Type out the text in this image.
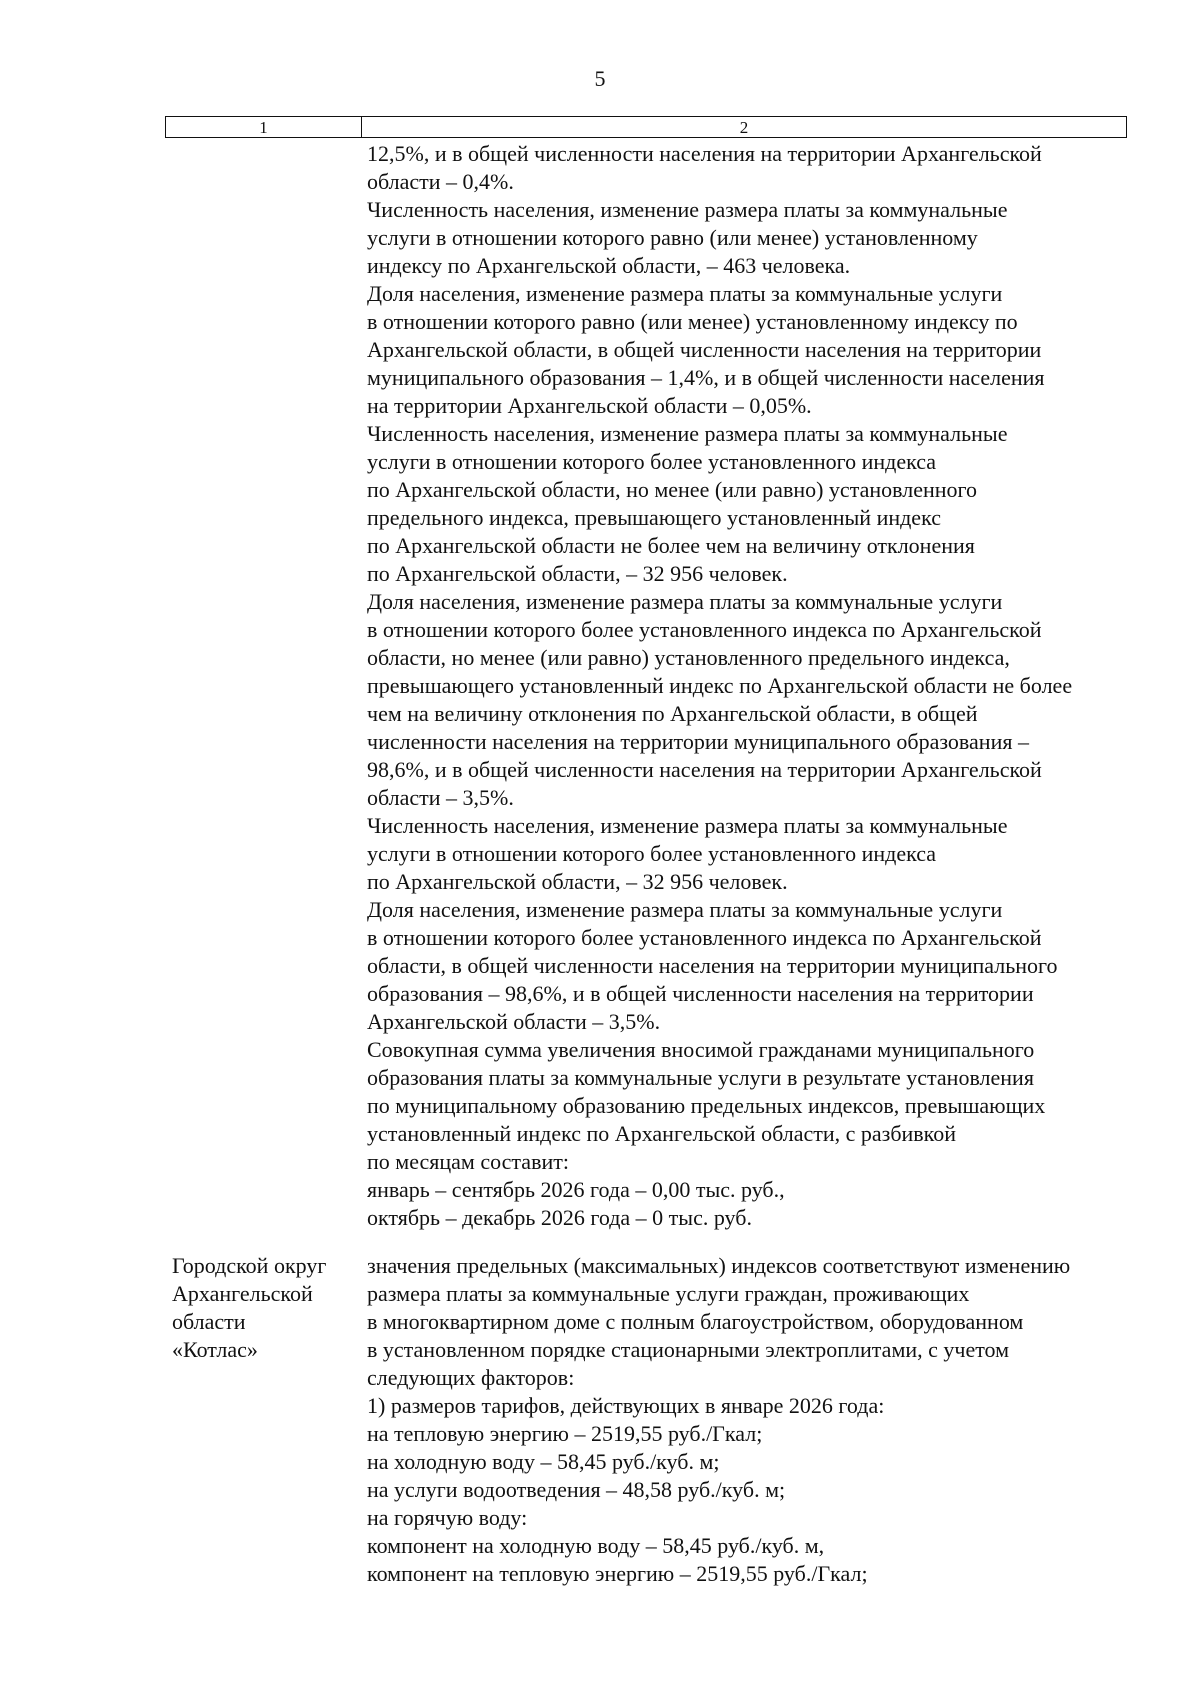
5
1	2
12,5%, и в общей численности населения на территории Архангельской
области – 0,4%.
Численность населения, изменение размера платы за коммунальные
услуги в отношении которого равно (или менее) установленному
индексу по Архангельской области, – 463 человека.
Доля населения, изменение размера платы за коммунальные услуги
в отношении которого равно (или менее) установленному индексу по
Архангельской области, в общей численности населения на территории
муниципального образования – 1,4%, и в общей численности населения
на территории Архангельской области – 0,05%.
Численность населения, изменение размера платы за коммунальные
услуги в отношении которого более установленного индекса
по Архангельской области, но менее (или равно) установленного
предельного индекса, превышающего установленный индекс
по Архангельской области не более чем на величину отклонения
по Архангельской области, – 32 956 человек.
Доля населения, изменение размера платы за коммунальные услуги
в отношении которого более установленного индекса по Архангельской
области, но менее (или равно) установленного предельного индекса,
превышающего установленный индекс по Архангельской области не более
чем на величину отклонения по Архангельской области, в общей
численности населения на территории муниципального образования –
98,6%, и в общей численности населения на территории Архангельской
области – 3,5%.
Численность населения, изменение размера платы за коммунальные
услуги в отношении которого более установленного индекса
по Архангельской области, – 32 956 человек.
Доля населения, изменение размера платы за коммунальные услуги
в отношении которого более установленного индекса по Архангельской
области, в общей численности населения на территории муниципального
образования – 98,6%, и в общей численности населения на территории
Архангельской области – 3,5%.
Совокупная сумма увеличения вносимой гражданами муниципального
образования платы за коммунальные услуги в результате установления
по муниципальному образованию предельных индексов, превышающих
установленный индекс по Архангельской области, с разбивкой
по месяцам составит:
январь – сентябрь 2026 года – 0,00 тыс. руб.,
октябрь – декабрь 2026 года – 0 тыс. руб.
Городской округ
Архангельской
области
«Котлас»
значения предельных (максимальных) индексов соответствуют изменению
размера платы за коммунальные услуги граждан, проживающих
в многоквартирном доме с полным благоустройством, оборудованном
в установленном порядке стационарными электроплитами, с учетом
следующих факторов:
1) размеров тарифов, действующих в январе 2026 года:
на тепловую энергию – 2519,55 руб./Гкал;
на холодную воду – 58,45 руб./куб. м;
на услуги водоотведения – 48,58 руб./куб. м;
на горячую воду:
компонент на холодную воду – 58,45 руб./куб. м,
компонент на тепловую энергию – 2519,55 руб./Гкал;
